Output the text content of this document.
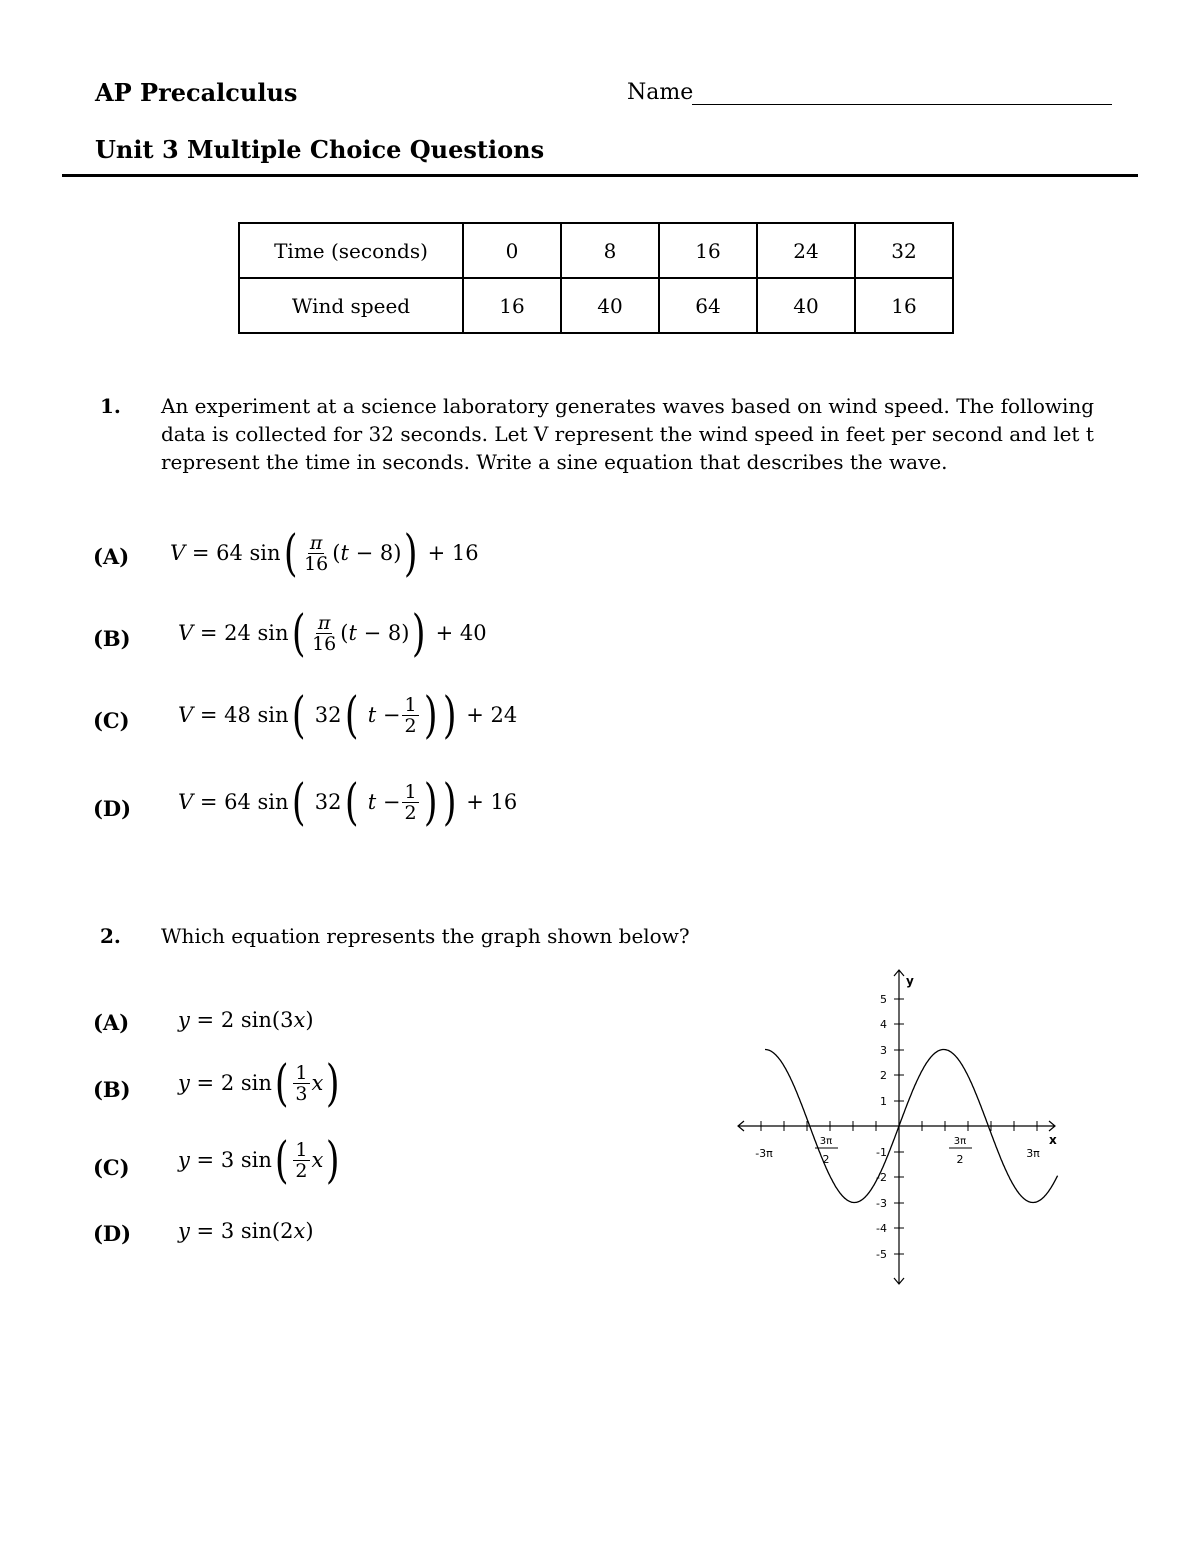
AP Precalculus	Name
Unit 3 Multiple Choice Questions
Time (seconds)	0	8	16	24	32
Wind speed	16	40	64	40	16
1. An experiment at a science laboratory generates waves based on wind speed. The following data is collected for 32 seconds. Let V represent the wind speed in feet per second and let t represent the time in seconds. Write a sine equation that describes the wave.
(A) V = 64 sin ( $\frac{\pi}{16}$ ( t − 8 ) ) + 16
(B) V = 24 sin ( $\frac{\pi}{16}$ ( t − 8 ) ) + 40
(C) V = 48 sin (
32 (
$t - \frac{1}{2}$ ) ) + 24
(D) V = 64 sin (
32 (
$t - \frac{1}{2}$ ) ) + 16
2. Which equation represents the graph shown below?
(A) y = 2 sin( 3 x )
(B) y = 2 sin ( $\frac{1}{3}$ x )
(C) y = 3 sin ( $\frac{1}{2}$ x )
(D) y = 3 sin( 2 x )
5
4
3
2
1
-1
-2
-3
-4
-5
y
x
-3π	3π
3π
2
3π
2
